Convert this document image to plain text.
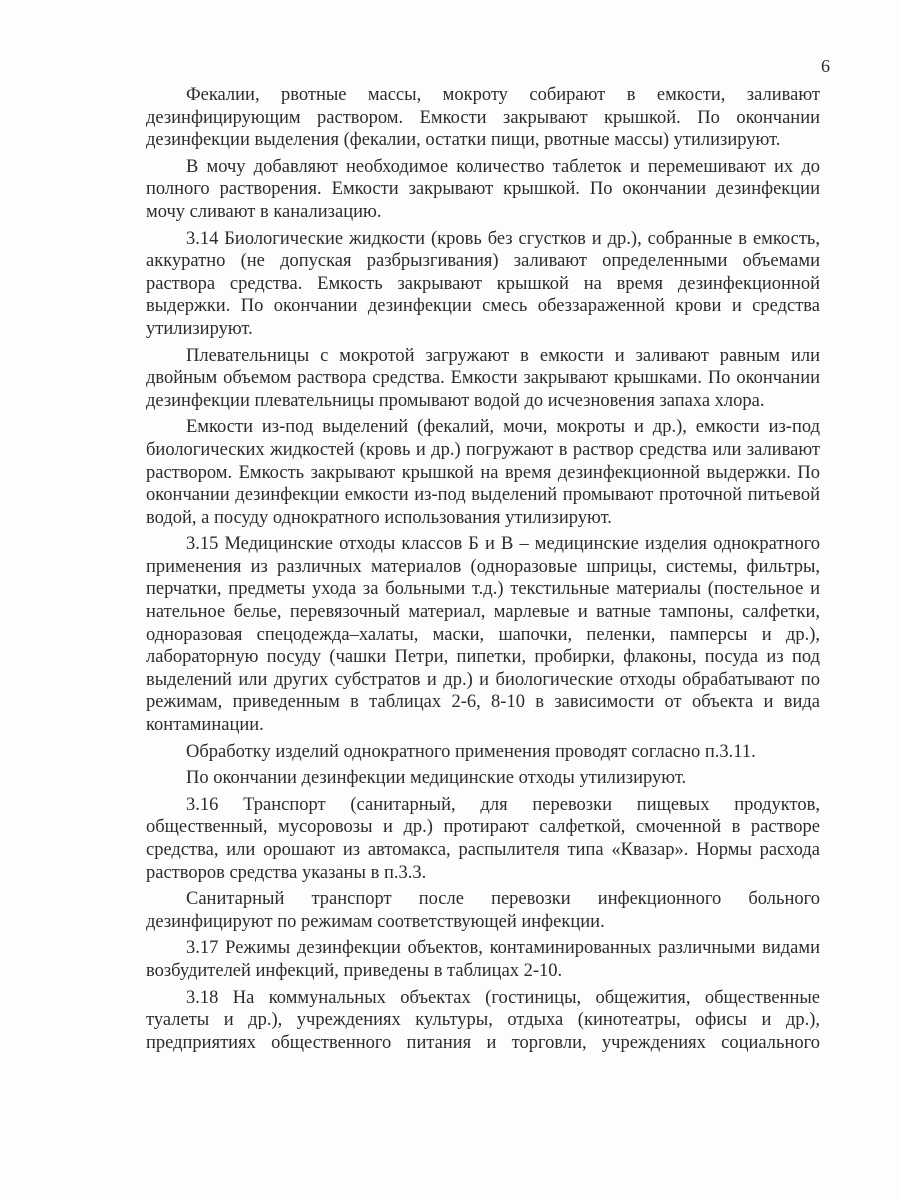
6

Фекалии, рвотные массы, мокроту собирают в емкости, заливают дезинфицирующим раствором. Емкости закрывают крышкой. По окончании дезинфекции выделения (фекалии, остатки пищи, рвотные массы) утилизируют.

В мочу добавляют необходимое количество таблеток и перемешивают их до полного растворения. Емкости закрывают крышкой. По окончании дезинфекции мочу сливают в канализацию.

3.14 Биологические жидкости (кровь без сгустков и др.), собранные в емкость, аккуратно (не допуская разбрызгивания) заливают определенными объемами раствора средства. Емкость закрывают крышкой на время дезинфекционной выдержки. По окончании дезинфекции смесь обеззараженной крови и средства утилизируют.

Плевательницы с мокротой загружают в емкости и заливают равным или двойным объемом раствора средства. Емкости закрывают крышками. По окончании дезинфекции плевательницы промывают водой до исчезновения запаха хлора.

Емкости из-под выделений (фекалий, мочи, мокроты и др.), емкости из-под биологических жидкостей (кровь и др.) погружают в раствор средства или заливают раствором. Емкость закрывают крышкой на время дезинфекционной выдержки. По окончании дезинфекции емкости из-под выделений промывают проточной питьевой водой, а посуду однократного использования утилизируют.

3.15 Медицинские отходы классов Б и В – медицинские изделия однократного применения из различных материалов (одноразовые шприцы, системы, фильтры, перчатки, предметы ухода за больными т.д.) текстильные материалы (постельное и нательное белье, перевязочный материал, марлевые и ватные тампоны, салфетки, одноразовая спецодежда–халаты, маски, шапочки, пеленки, памперсы и др.), лабораторную посуду (чашки Петри, пипетки, пробирки, флаконы, посуда из под выделений или других субстратов и др.) и биологические отходы обрабатывают по режимам, приведенным в таблицах 2-6, 8-10 в зависимости от объекта и вида контаминации.

Обработку изделий однократного применения проводят согласно п.3.11.

По окончании дезинфекции медицинские отходы утилизируют.

3.16 Транспорт (санитарный, для перевозки пищевых продуктов, общественный, мусоровозы и др.) протирают салфеткой, смоченной в растворе средства, или орошают из автомакса, распылителя типа «Квазар». Нормы расхода растворов средства указаны в п.3.3.

Санитарный транспорт после перевозки инфекционного больного дезинфицируют по режимам соответствующей инфекции.

3.17 Режимы дезинфекции объектов, контаминированных различными видами возбудителей инфекций, приведены в таблицах 2-10.

3.18 На коммунальных объектах (гостиницы, общежития, общественные туалеты и др.), учреждениях культуры, отдыха (кинотеатры, офисы и др.), предприятиях общественного питания и торговли, учреждениях социального
